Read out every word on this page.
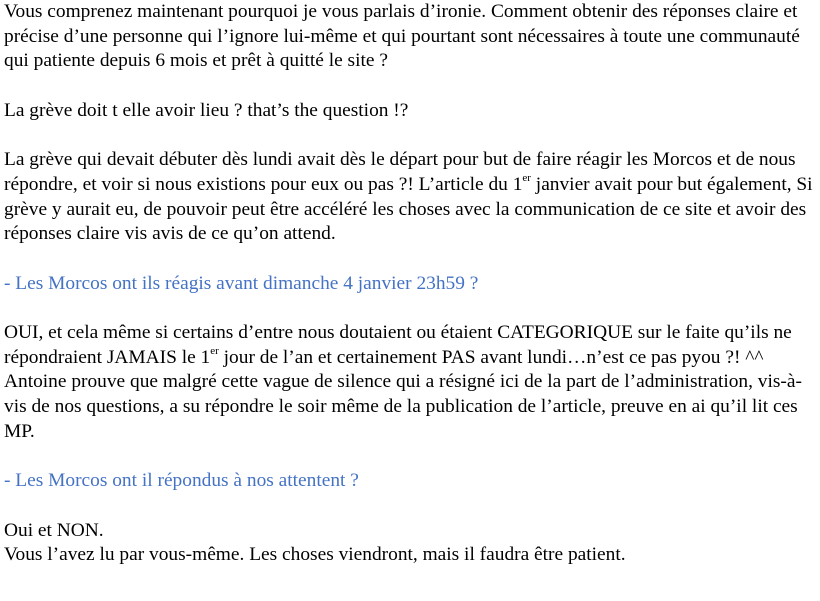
Vous comprenez maintenant pourquoi je vous parlais d’ironie. Comment obtenir des réponses claire et précise d’une personne qui l’ignore lui-même et qui pourtant sont nécessaires à toute une communauté qui patiente depuis 6 mois et prêt à quitté le site ?

La grève doit t elle avoir lieu ? that’s the question !?

La grève qui devait débuter dès lundi avait dès le départ pour but de faire réagir les Morcos et de nous répondre, et voir si nous existions pour eux ou pas ?! L’article du 1er janvier avait pour but également, Si grève y aurait eu, de pouvoir peut être accéléré les choses avec la communication de ce site et avoir des réponses claire vis avis de ce qu’on attend.

- Les Morcos ont ils réagis avant dimanche 4 janvier 23h59 ?

OUI, et cela même si certains d’entre nous doutaient ou étaient CATEGORIQUE sur le faite qu’ils ne répondraient JAMAIS le 1er jour de l’an et certainement PAS avant lundi…n’est ce pas pyou ?! ^^

Antoine prouve que malgré cette vague de silence qui a résigné ici de la part de l’administration, vis-à-vis de nos questions, a su répondre le soir même de la publication de l’article, preuve en ai qu’il lit ces MP.

- Les Morcos ont il répondus à nos attentent ?

Oui et NON.

Vous l’avez lu par vous-même. Les choses viendront, mais il faudra être patient.
